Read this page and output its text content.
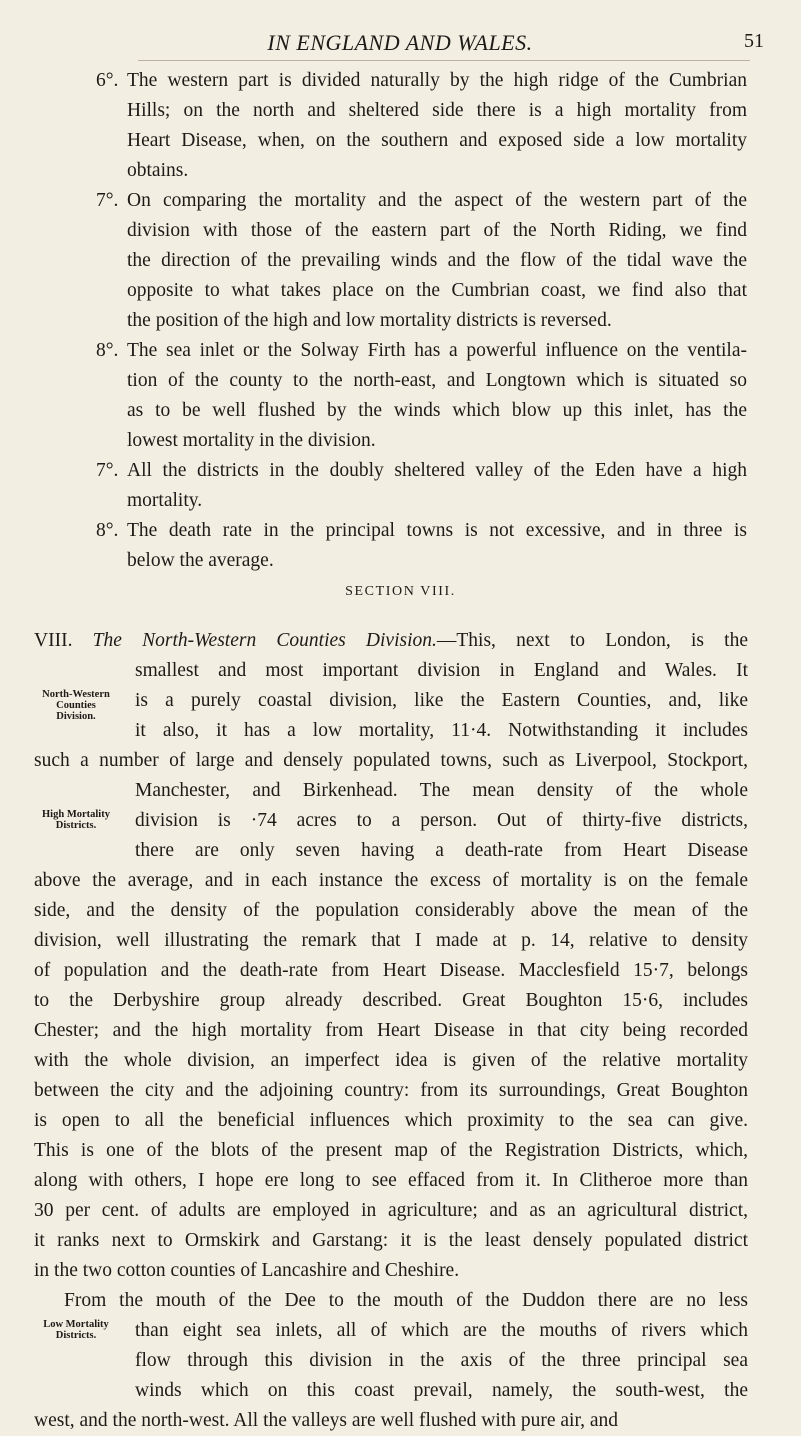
IN ENGLAND AND WALES.	51
6°. The western part is divided naturally by the high ridge of the Cumbrian
Hills; on the north and sheltered side there is a high mortality from
Heart Disease, when, on the southern and exposed side a low mortality
obtains.
7°. On comparing the mortality and the aspect of the western part of the
division with those of the eastern part of the North Riding, we find
the direction of the prevailing winds and the flow of the tidal wave the
opposite to what takes place on the Cumbrian coast, we find also that
the position of the high and low mortality districts is reversed.
8°. The sea inlet or the Solway Firth has a powerful influence on the ventila-
tion of the county to the north-east, and Longtown which is situated so
as to be well flushed by the winds which blow up this inlet, has the
lowest mortality in the division.
7°. All the districts in the doubly sheltered valley of the Eden have a high
mortality.
8°. The death rate in the principal towns is not excessive, and in three is
below the average.
SECTION VIII.
VIII. The North-Western Counties Division.—This, next to London, is the
smallest and most important division in England and Wales. It
is a purely coastal division, like the Eastern Counties, and, like
it also, it has a low mortality, 11·4. Notwithstanding it includes
such a number of large and densely populated towns, such as Liverpool, Stockport,
Manchester, and Birkenhead. The mean density of the whole
division is ·74 acres to a person. Out of thirty-five districts,
there are only seven having a death-rate from Heart Disease
above the average, and in each instance the excess of mortality is on the female
side, and the density of the population considerably above the mean of the
division, well illustrating the remark that I made at p. 14, relative to density
of population and the death-rate from Heart Disease. Macclesfield 15·7, belongs
to the Derbyshire group already described. Great Boughton 15·6, includes
Chester; and the high mortality from Heart Disease in that city being recorded
with the whole division, an imperfect idea is given of the relative mortality
between the city and the adjoining country: from its surroundings, Great Boughton
is open to all the beneficial influences which proximity to the sea can give.
This is one of the blots of the present map of the Registration Districts, which,
along with others, I hope ere long to see effaced from it. In Clitheroe more than
30 per cent. of adults are employed in agriculture; and as an agricultural district,
it ranks next to Ormskirk and Garstang: it is the least densely populated district
in the two cotton counties of Lancashire and Cheshire.
From the mouth of the Dee to the mouth of the Duddon there are no less
than eight sea inlets, all of which are the mouths of rivers which
flow through this division in the axis of the three principal sea
winds which on this coast prevail, namely, the south-west, the
west, and the north-west. All the valleys are well flushed with pure air, and
North-Western Counties
Division.
High Mortality
Districts.
Low Mortality
Districts.
